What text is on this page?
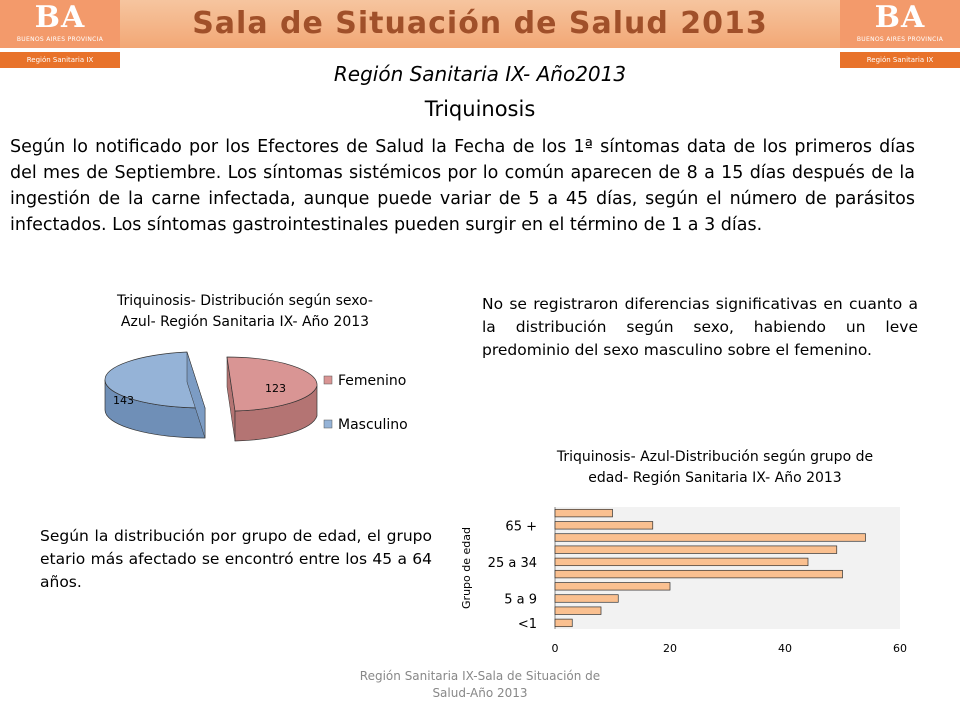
BA
BUENOS AIRES PROVINCIA
Región Sanitaria IX
BA
BUENOS AIRES PROVINCIA
Región Sanitaria IX
Sala de Situación de Salud 2013
Región Sanitaria IX- Año2013
Triquinosis
Según lo notificado por los Efectores de Salud la Fecha de los 1ª síntomas data de los primeros días del mes de Septiembre. Los síntomas sistémicos por lo común aparecen de 8 a 15 días después de la ingestión de la carne infectada, aunque puede variar de 5 a 45 días, según el número de parásitos infectados. Los síntomas gastrointestinales pueden surgir en el término de 1 a 3 días.
Triquinosis- Distribución según sexo-
Azul- Región Sanitaria IX- Año 2013
143
123	Femenino
Masculino
No se registraron diferencias significativas en cuanto a la distribución según sexo, habiendo un leve predominio del sexo masculino sobre el femenino.
Triquinosis- Azul-Distribución según grupo de
edad- Región Sanitaria IX- Año 2013
<1
5 a 9
25 a 34
65 +
0	20	40	60
Grupo de edad
Según la distribución por grupo de edad, el grupo etario más afectado se encontró entre los 45 a 64 años.
Región Sanitaria IX-Sala de Situación de
Salud-Año 2013
